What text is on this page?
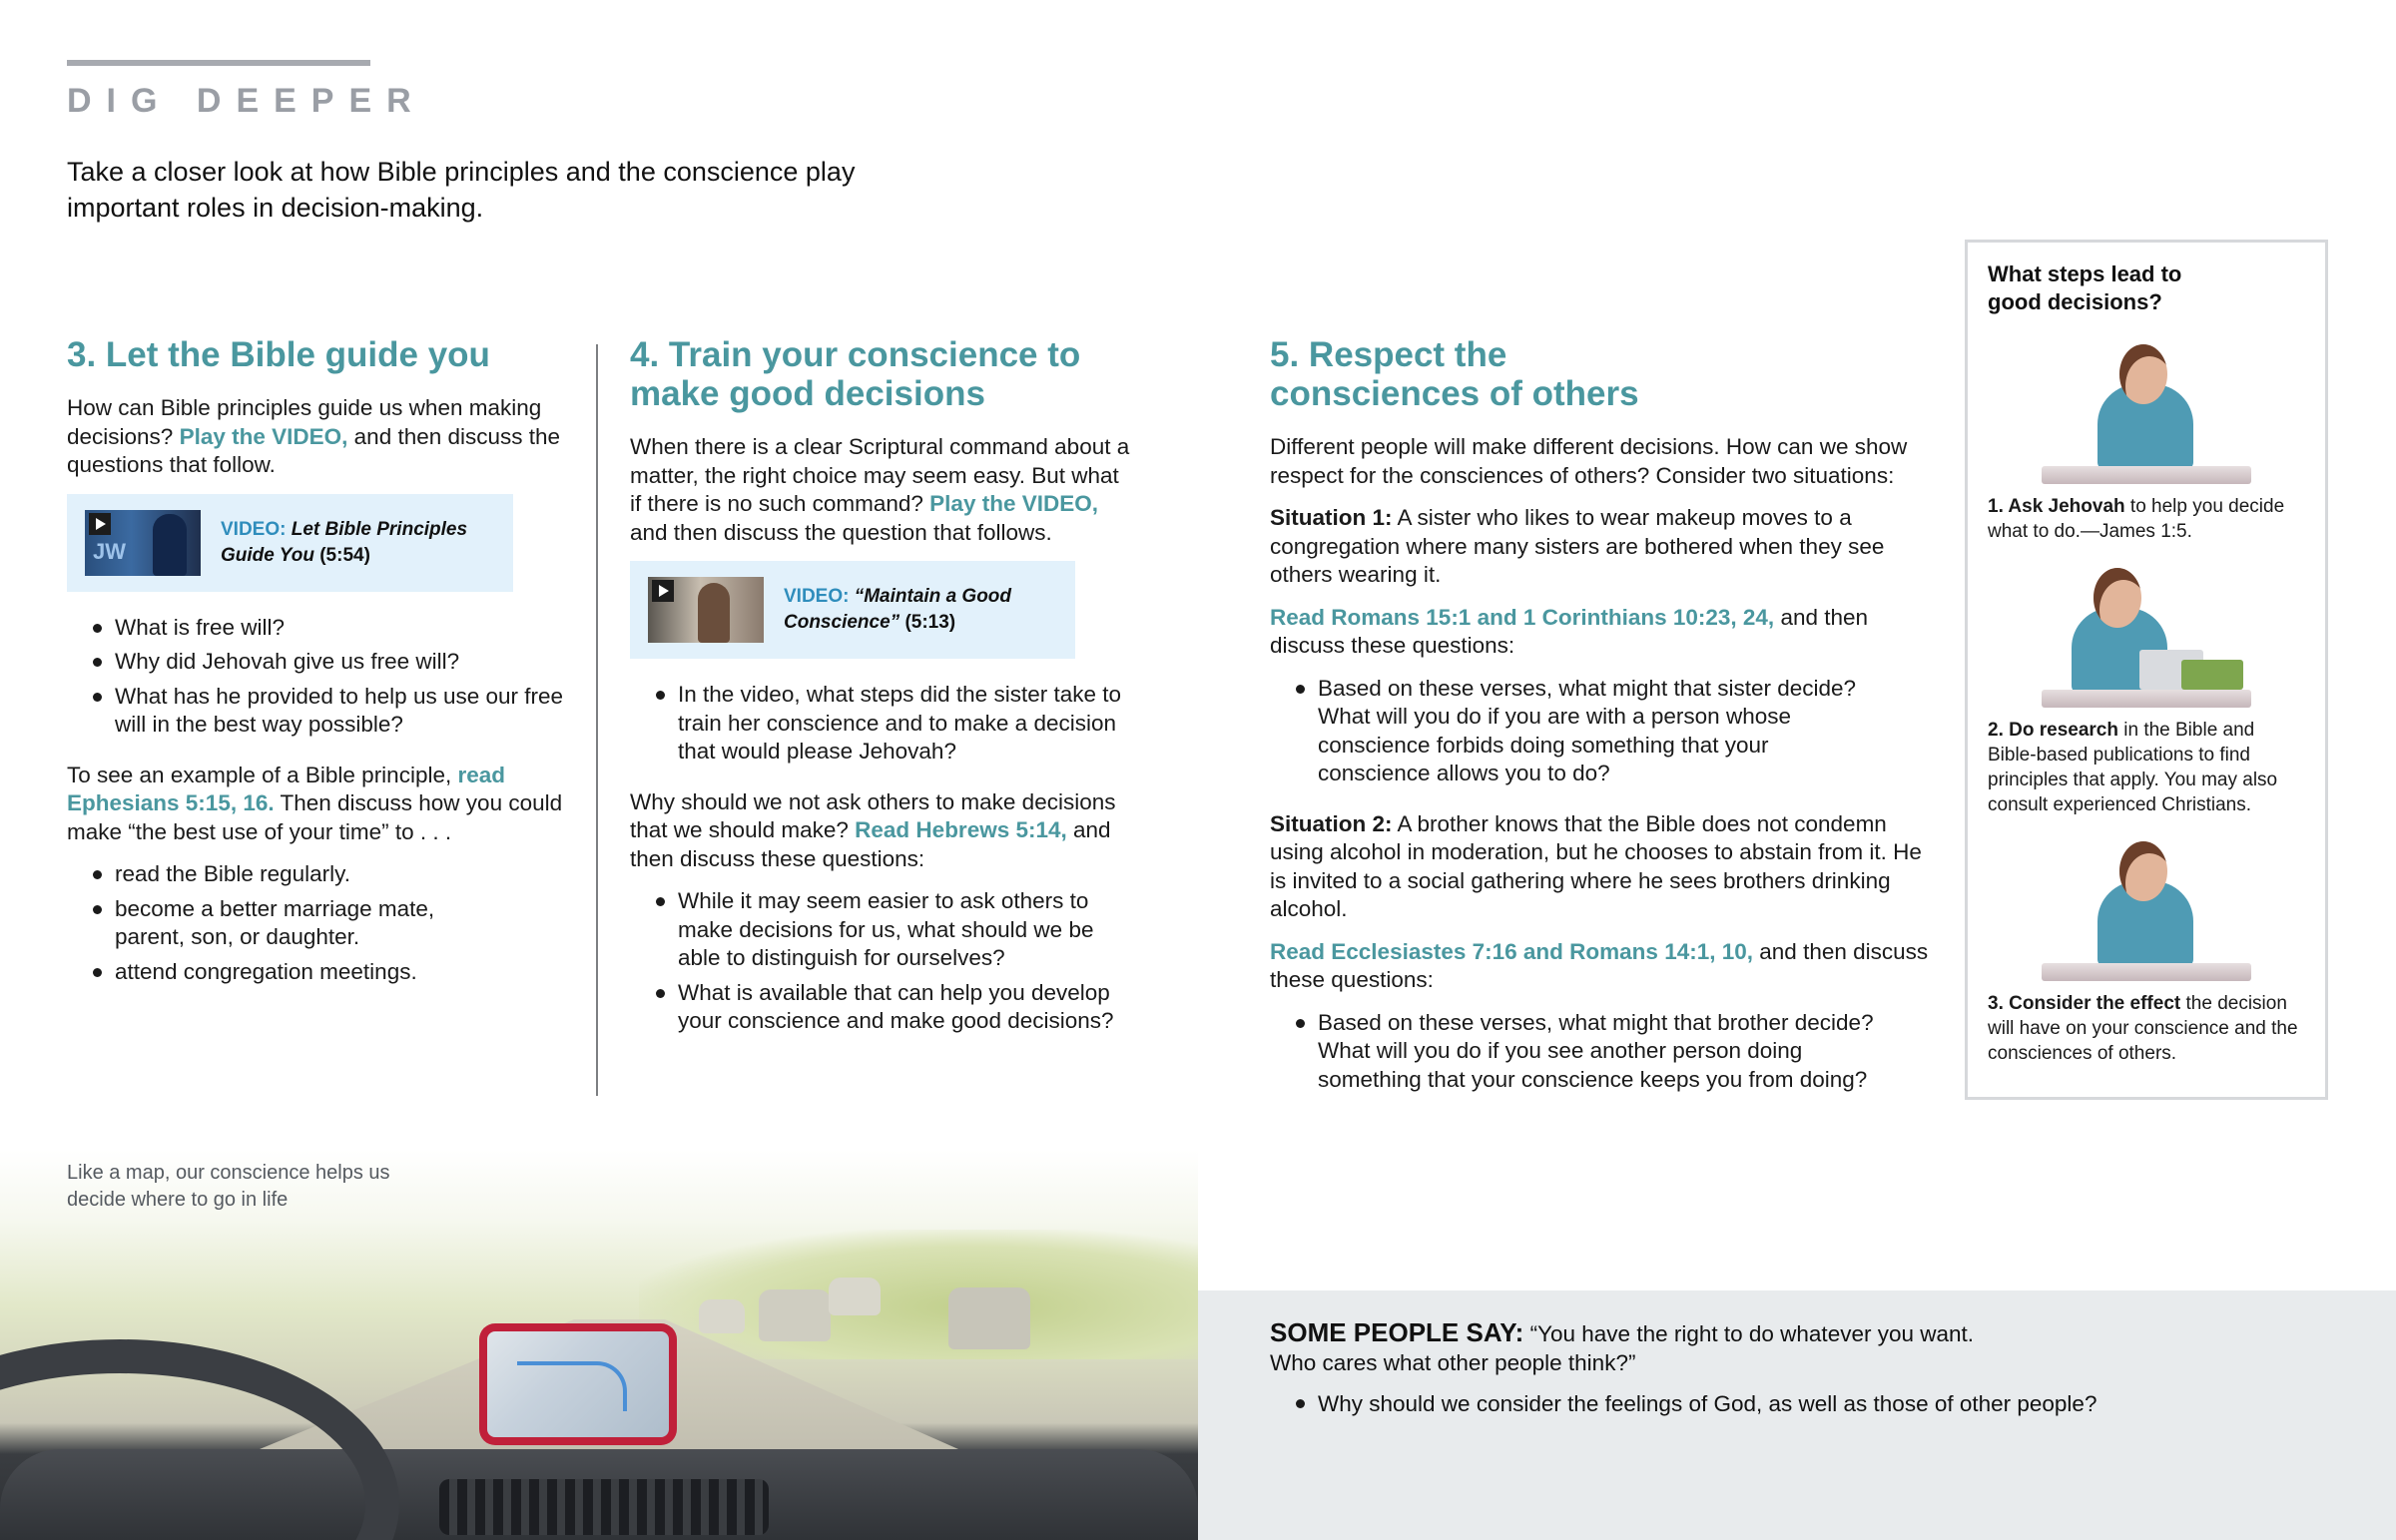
DIG DEEPER
Take a closer look at how Bible principles and the conscience play important roles in decision-making.
3. Let the Bible guide you

How can Bible principles guide us when making decisions? Play the VIDEO, and then discuss the questions that follow.

JW
VIDEO: Let Bible Principles Guide You (5:54)
What is free will?
Why did Jehovah give us free will?
What has he provided to help us use our free will in the best way possible?

To see an example of a Bible principle, read Ephesians 5:15, 16. Then discuss how you could make “the best use of your time” to . . .

read the Bible regularly.
become a better marriage mate, parent, son, or daughter.
attend congregation meetings.
4. Train your conscience to make good decisions

When there is a clear Scriptural command about a matter, the right choice may seem easy. But what if there is no such command? Play the VIDEO, and then discuss the question that follows.

VIDEO: “Maintain a Good Conscience” (5:13)
In the video, what steps did the sister take to train her conscience and to make a decision that would please Jehovah?

Why should we not ask others to make decisions that we should make? Read Hebrews 5:14, and then discuss these questions:

While it may seem easier to ask others to make decisions for us, what should we be able to distinguish for ourselves?
What is available that can help you develop your conscience and make good decisions?
5. Respect the consciences of others

Different people will make different decisions. How can we show respect for the consciences of others? Consider two situations:

Situation 1: A sister who likes to wear makeup moves to a congregation where many sisters are bothered when they see others wearing it.

Read Romans 15:1 and 1 Corinthians 10:23, 24, and then discuss these questions:

Based on these verses, what might that sister decide? What will you do if you are with a person whose conscience forbids doing something that your conscience allows you to do?

Situation 2: A brother knows that the Bible does not condemn using alcohol in moderation, but he chooses to abstain from it. He is invited to a social gathering where he sees brothers drinking alcohol.

Read Ecclesiastes 7:16 and Romans 14:1, 10, and then discuss these questions:

Based on these verses, what might that brother decide? What will you do if you see another person doing something that your conscience keeps you from doing?
What steps lead to good decisions?
1. Ask Jehovah to help you decide what to do.—James 1:5.
2. Do research in the Bible and Bible-based publications to find principles that apply. You may also consult experienced Christians.
3. Consider the effect the decision will have on your conscience and the consciences of others.
Like a map, our conscience helps us decide where to go in life
SOME PEOPLE SAY: “You have the right to do whatever you want. Who cares what other people think?”
Why should we consider the feelings of God, as well as those of other people?
